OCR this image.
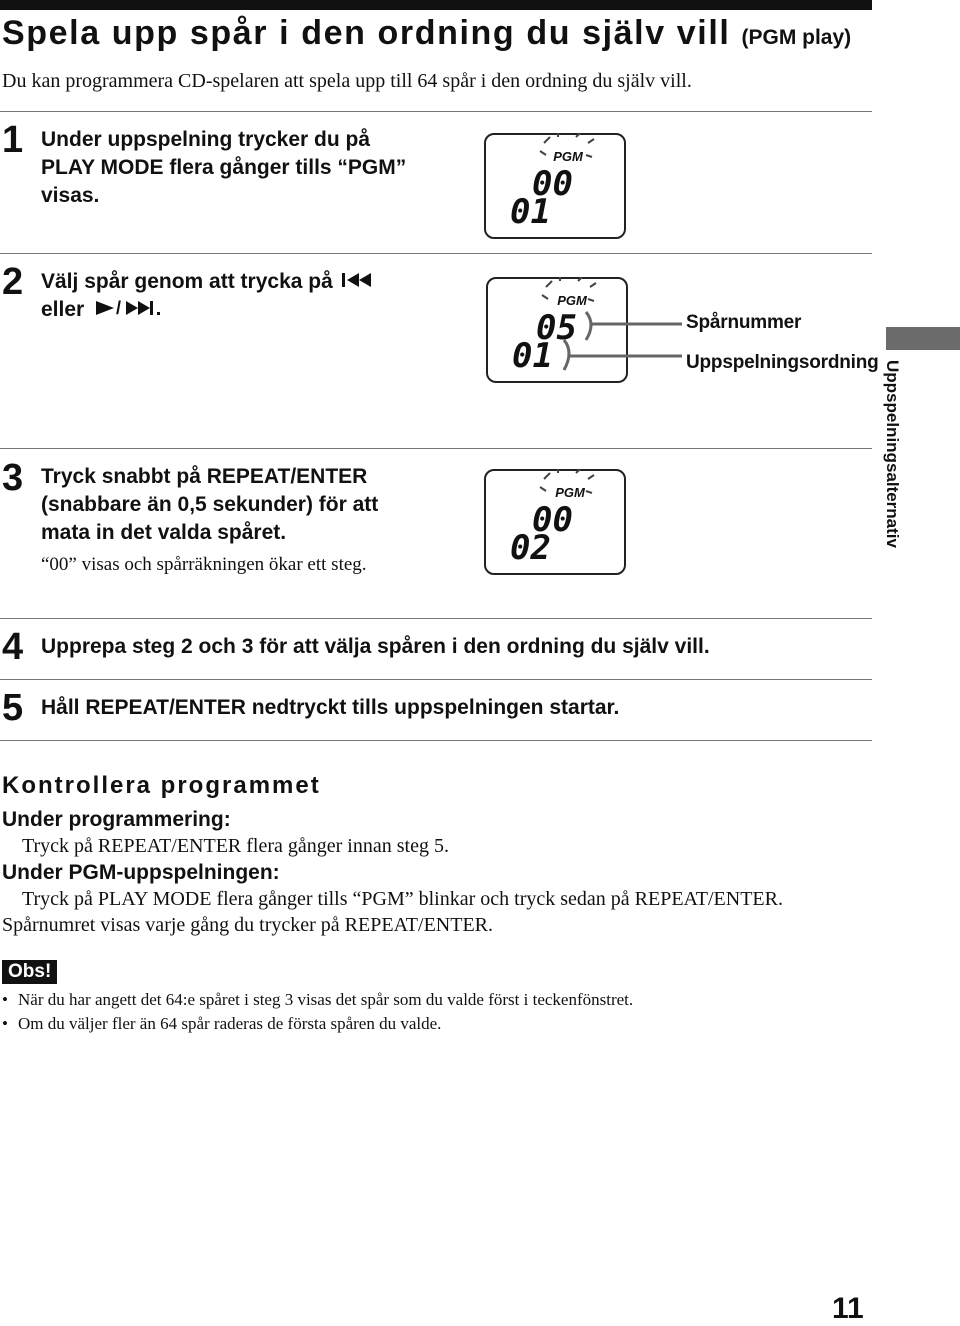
Spela upp spår i den ordning du själv vill (PGM play)
Du kan programmera CD-spelaren att spela upp till 64 spår i den ordning du själv vill.
1 Under uppspelning trycker du på
PLAY MODE flera gånger tills “PGM”
visas.
PGM
00
01
2 Välj spår genom att trycka på
eller /	PGM
05
01
Spårnummer
Uppspelningsordning Uppspelningsalternativ
3 Tryck snabbt på REPEAT/ENTER
(snabbare än 0,5 sekunder) för att
mata in det valda spåret.
“00” visas och spårräkningen ökar ett steg.
PGM
00
02
4 Upprepa steg 2 och 3 för att välja spåren i den ordning du själv vill.
5 Håll REPEAT/ENTER nedtryckt tills uppspelningen startar.
Kontrollera programmet
Under programmering:
Tryck på REPEAT/ENTER flera gånger innan steg 5.
Under PGM-uppspelningen:
Tryck på PLAY MODE flera gånger tills “PGM” blinkar och tryck sedan på REPEAT/ENTER.
Spårnumret visas varje gång du trycker på REPEAT/ENTER.
Obs!
• När du har angett det 64:e spåret i steg 3 visas det spår som du valde först i teckenfönstret.
• Om du väljer fler än 64 spår raderas de första spåren du valde.
11
